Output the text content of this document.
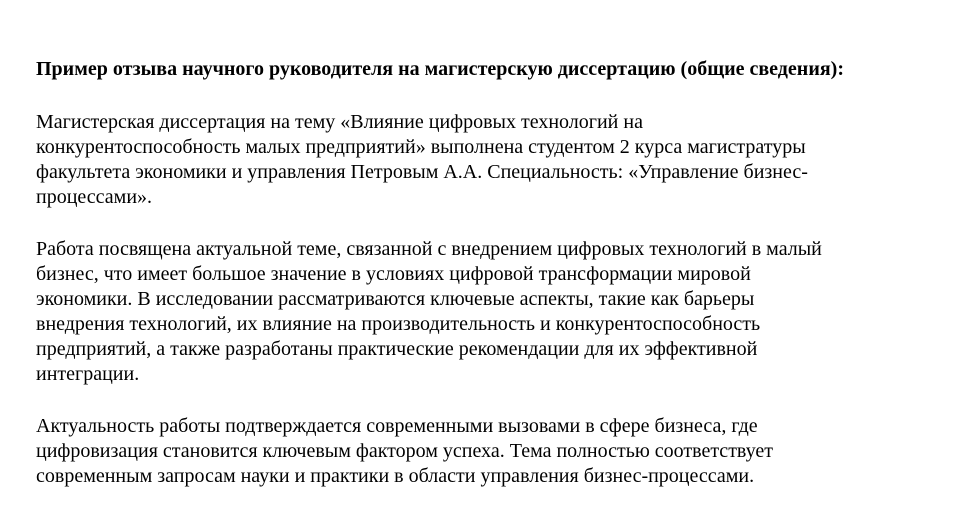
Пример отзыва научного руководителя на магистерскую диссертацию (общие сведения):

Магистерская диссертация на тему «Влияние цифровых технологий на
конкурентоспособность малых предприятий» выполнена студентом 2 курса магистратуры
факультета экономики и управления Петровым А.А. Специальность: «Управление бизнес-
процессами».

Работа посвящена актуальной теме, связанной с внедрением цифровых технологий в малый
бизнес, что имеет большое значение в условиях цифровой трансформации мировой
экономики. В исследовании рассматриваются ключевые аспекты, такие как барьеры
внедрения технологий, их влияние на производительность и конкурентоспособность
предприятий, а также разработаны практические рекомендации для их эффективной
интеграции.

Актуальность работы подтверждается современными вызовами в сфере бизнеса, где
цифровизация становится ключевым фактором успеха. Тема полностью соответствует
современным запросам науки и практики в области управления бизнес-процессами.
